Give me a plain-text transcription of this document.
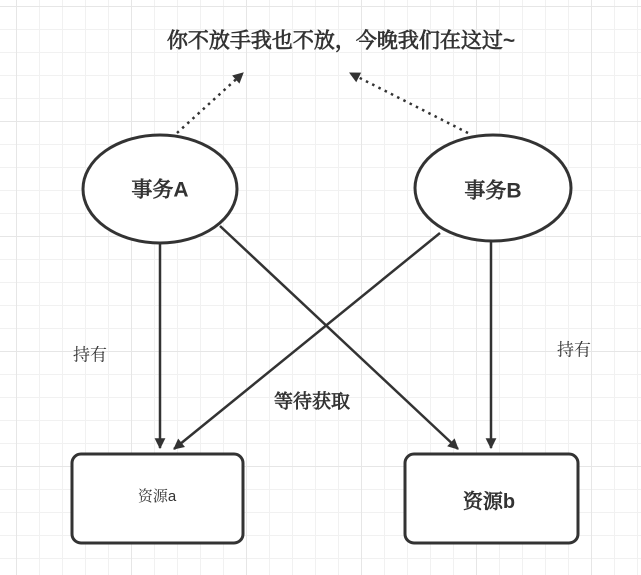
你不放手我也不放，今晚我们在这过~
事务A	事务B
资源a	资源b
持有	持有
等待获取
